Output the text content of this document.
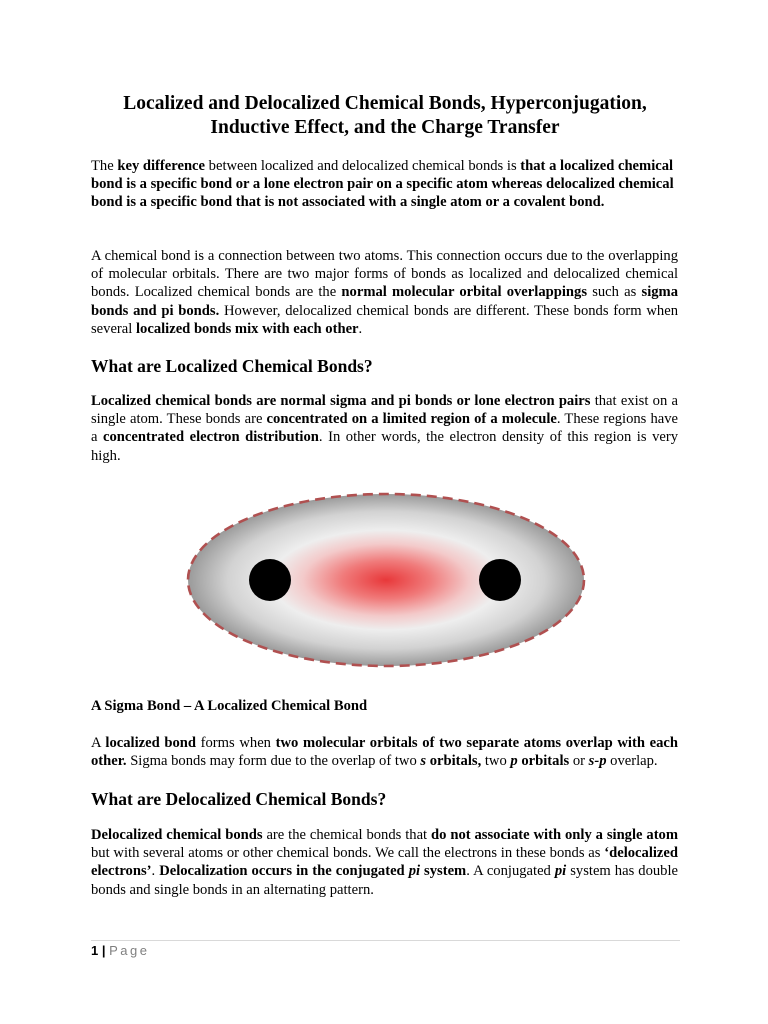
Localized and Delocalized Chemical Bonds, Hyperconjugation,
Inductive Effect, and the Charge Transfer
The key difference between localized and delocalized chemical bonds is that a localized chemical bond is a specific bond or a lone electron pair on a specific atom whereas delocalized chemical bond is a specific bond that is not associated with a single atom or a covalent bond.
A chemical bond is a connection between two atoms. This connection occurs due to the overlapping of molecular orbitals. There are two major forms of bonds as localized and delocalized chemical bonds. Localized chemical bonds are the normal molecular orbital overlappings such as sigma bonds and pi bonds. However, delocalized chemical bonds are different. These bonds form when several localized bonds mix with each other.
What are Localized Chemical Bonds?
Localized chemical bonds are normal sigma and pi bonds or lone electron pairs that exist on a single atom. These bonds are concentrated on a limited region of a molecule. These regions have a concentrated electron distribution. In other words, the electron density of this region is very high.
A Sigma Bond – A Localized Chemical Bond
A localized bond forms when two molecular orbitals of two separate atoms overlap with each other. Sigma bonds may form due to the overlap of two s orbitals, two p orbitals or s-p overlap.
What are Delocalized Chemical Bonds?
Delocalized chemical bonds are the chemical bonds that do not associate with only a single atom but with several atoms or other chemical bonds. We call the electrons in these bonds as ‘delocalized electrons’. Delocalization occurs in the conjugated pi system. A conjugated pi system has double bonds and single bonds in an alternating pattern.
1 | Page
